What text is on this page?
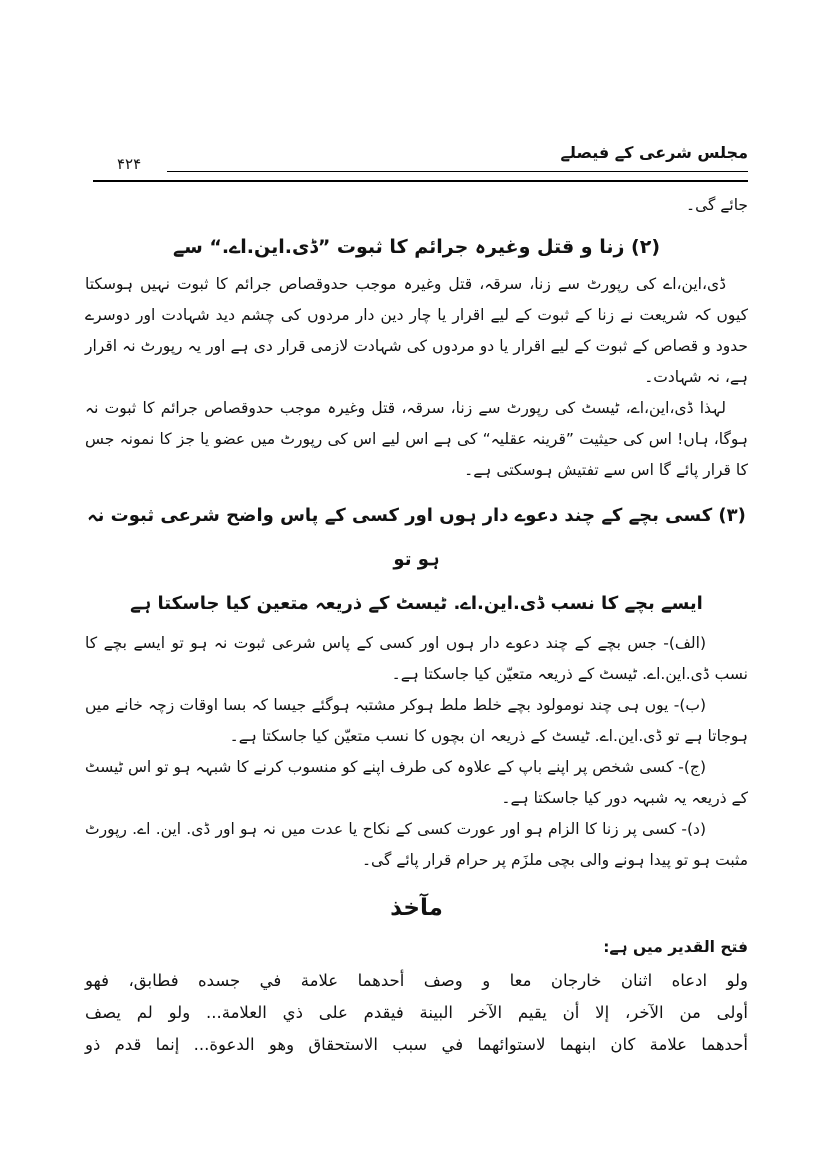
مجلس شرعی کے فیصلے
۴۲۴

جائے گی۔

(۲) زنا و قتل وغیرہ جرائم کا ثبوت ”ڈی.این.اے.“ سے

ڈی،این،اے کی رپورٹ سے زنا، سرقہ، قتل وغیرہ موجب حدوقصاص جرائم کا ثبوت نہیں ہوسکتا کیوں کہ شریعت نے زنا کے ثبوت کے لیے اقرار یا چار دین دار مردوں کی چشم دید شہادت اور دوسرے حدود و قصاص کے ثبوت کے لیے اقرار یا دو مردوں کی شہادت لازمی قرار دی ہے اور یہ رپورٹ نہ اقرار ہے، نہ شہادت۔

لہذا ڈی،این،اے، ٹیسٹ کی رپورٹ سے زنا، سرقہ، قتل وغیرہ موجب حدوقصاص جرائم کا ثبوت نہ ہوگا، ہاں! اس کی حیثیت ”قرینہ عقلیہ“ کی ہے اس لیے اس کی رپورٹ میں عضو یا جز کا نمونہ جس کا قرار پائے گا اس سے تفتیش ہوسکتی ہے۔

(۳) کسی بچے کے چند دعوے دار ہوں اور کسی کے پاس واضح شرعی ثبوت نہ ہو تو
ایسے بچے کا نسب ڈی.این.اے. ٹیسٹ کے ذریعہ متعین کیا جاسکتا ہے

(الف)- جس بچے کے چند دعوے دار ہوں اور کسی کے پاس شرعی ثبوت نہ ہو تو ایسے بچے کا نسب ڈی.این.اے. ٹیسٹ کے ذریعہ متعیّن کیا جاسکتا ہے۔

(ب)- یوں ہی چند نومولود بچے خلط ملط ہوکر مشتبہ ہوگئے جیسا کہ بسا اوقات زچہ خانے میں ہوجاتا ہے تو ڈی.این.اے. ٹیسٹ کے ذریعہ ان بچوں کا نسب متعیّن کیا جاسکتا ہے۔

(ج)- کسی شخص پر اپنے باپ کے علاوہ کی طرف اپنے کو منسوب کرنے کا شبہہ ہو تو اس ٹیسٹ کے ذریعہ یہ شبہہ دور کیا جاسکتا ہے۔

(د)- کسی پر زنا کا الزام ہو اور عورت کسی کے نکاح یا عدت میں نہ ہو اور ڈی. این. اے. رپورٹ مثبت ہو تو پیدا ہونے والی بچی ملزَم پر حرام قرار پائے گی۔

مآخذ

فتح القدیر میں ہے:

ولو ادعاه اثنان خارجان معا و وصف أحدهما علامة في جسده فطابق، فهو

أولى من الآخر، إلا أن يقيم الآخر البينة فيقدم على ذي العلامة... ولو لم يصف

أحدهما علامة كان ابنهما لاستوائهما في سبب الاستحقاق وهو الدعوة... إنما قدم ذو
